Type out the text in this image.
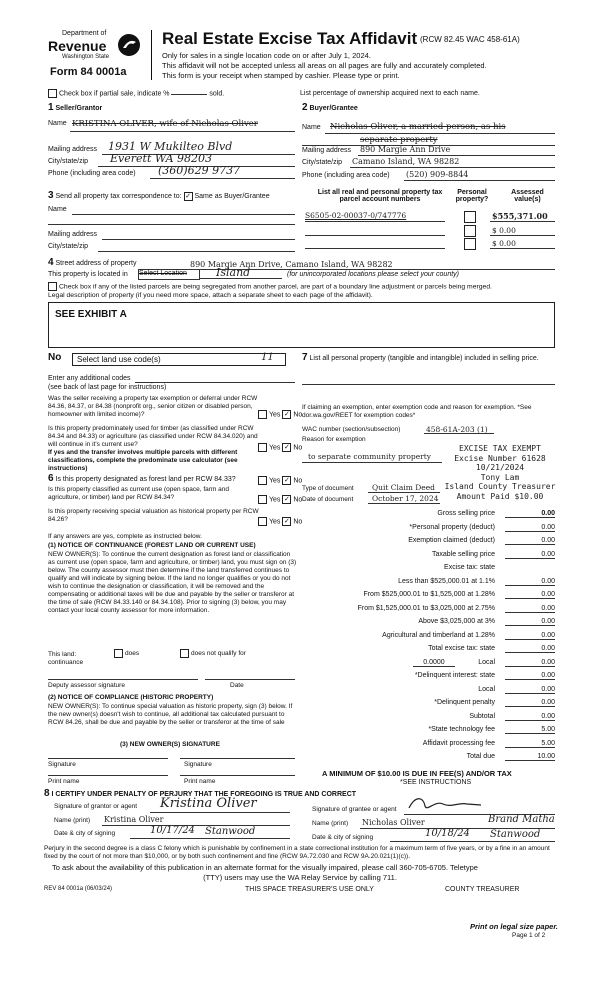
Department of
Revenue
Washington State
Form 84 0001a
Real Estate Excise Tax Affidavit (RCW 82.45 WAC 458-61A)
Only for sales in a single location code on or after July 1, 2024.
This affidavit will not be accepted unless all areas on all pages are fully and accurately completed.
This form is your receipt when stamped by cashier. Please type or print.
Check box if partial sale, indicate %	sold.	List percentage of ownership acquired next to each name.
1 Seller/Grantor
Name KRISTINA OLIVER, wife of Nicholas Oliver
Mailing address 1931 W Mukilteo Blvd
City/state/zip Everett WA 98203
Phone (including area code) (360)629 9737
2 Buyer/Grantee
Name Nicholas Oliver, a married person, as his
separate property
Mailing address 890 Margie Ann Drive
City/state/zip Camano Island, WA 98282
Phone (including area code) (520) 909-8844
3 Send all property tax correspondence to: ✓ Same as Buyer/Grantee
Name
Mailing address
City/state/zip
List all real and personal property tax parcel account numbers
Personal property?
Assessed value(s)
S6505-02-00037-0/747776	$555,371.00
$ 0.00
$ 0.00
4 Street address of property	890 Margie Ann Drive, Camano Island, WA 98282
This property is located in Select Location	Island	(for unincorporated locations please select your county)
Check box if any of the listed parcels are being segregated from another parcel, are part of a boundary line adjustment or parcels being merged.
Legal description of property (if you need more space, attach a separate sheet to each page of the affidavit).
SEE EXHIBIT A
No Select land use code(s)	11
Enter any additional codes
(see back of last page for instructions)
Was the seller receiving a property tax exemption or deferral under RCW 84.36, 84.37, or 84.38 (nonprofit org., senior citizen or disabled person, homeowner with limited income)?	Yes ✓ No
Is this property predominately used for timber (as classified under RCW 84.34 and 84.33) or agriculture (as classified under RCW 84.34.020) and will continue in it's current use?
If yes and the transfer involves multiple parcels with different classifications, complete the predominate use calculator (see instructions)
Yes ✓ No
6 Is this property designated as forest land per RCW 84.33?	Yes ✓ No
Is this property classified as current use (open space, farm and agriculture, or timber) land per RCW 84.34?	Yes ✓ No
Is this property receiving special valuation as historical property per RCW 84.26?	Yes ✓ No
If any answers are yes, complete as instructed below.
(1) NOTICE OF CONTINUANCE (FOREST LAND OR CURRENT USE)
NEW OWNER(S): To continue the current designation as forest land or classification as current use (open space, farm and agriculture, or timber) land, you must sign on (3) below. The county assessor must then determine if the land transferred continues to qualify and will indicate by signing below. If the land no longer qualifies or you do not wish to continue the designation or classification, it will be removed and the compensating or additional taxes will be due and payable by the seller or transferor at the time of sale (RCW 84.33.140 or 84.34.108). Prior to signing (3) below, you may contact your local county assessor for more information.
This land:	does	does not qualify for
continuance
Deputy assessor signature	Date
(2) NOTICE OF COMPLIANCE (HISTORIC PROPERTY)
NEW OWNER(S): To continue special valuation as historic property, sign (3) below. If the new owner(s) doesn't wish to continue, all additional tax calculated pursuant to RCW 84.26, shall be due and payable by the seller or transferor at the time of sale
(3) NEW OWNER(S) SIGNATURE
Signature	Signature
Print name	Print name
7 List all personal property (tangible and intangible) included in selling price.
If claiming an exemption, enter exemption code and reason for exemption. *See dor.wa.gov/REET for exemption codes*
WAC number (section/subsection)	458-61A-203 (1)
Reason for exemption
to separate community property
Type of document Quit Claim Deed
Date of document October 17, 2024
EXCISE TAX EXEMPT
Excise Number 61628
10/21/2024
Tony Lam
Island County Treasurer
Amount Paid $10.00
Gross selling price	0.00
*Personal property (deduct)	0.00
Exemption claimed (deduct)	0.00
Taxable selling price	0.00
Excise tax: state
Less than $525,000.01 at 1.1%	0.00
From $525,000.01 to $1,525,000 at 1.28%	0.00
From $1,525,000.01 to $3,025,000 at 2.75%	0.00
Above $3,025,000 at 3%	0.00
Agricultural and timberland at 1.28%	0.00
Total excise tax: state	0.00
Local	0.00
0.0000
*Delinquent interest: state	0.00
Local	0.00
*Delinquent penalty	0.00
Subtotal	0.00
*State technology fee	5.00
Affidavit processing fee	5.00
Total due	10.00
A MINIMUM OF $10.00 IS DUE IN FEE(S) AND/OR TAX
*SEE INSTRUCTIONS
8 I CERTIFY UNDER PENALTY OF PERJURY THAT THE FOREGOING IS TRUE AND CORRECT
Signature of grantor or agent Kristina Oliver
Name (print) Kristina Oliver
Date & city of signing	10/17/24 Stanwood
Signature of grantee or agent
Name (print) Nicholas Oliver	Brand Matha
Date & city of signing	10/18/24 Stanwood
Perjury in the second degree is a class C felony which is punishable by confinement in a state correctional institution for a maximum term of five years, or by a fine in an amount fixed by the court of not more than $10,000, or by both such confinement and fine (RCW 9A.72.030 and RCW 9A.20.021(1)(c)).
To ask about the availability of this publication in an alternate format for the visually impaired, please call 360-705-6705. Teletype
(TTY) users may use the WA Relay Service by calling 711.
REV 84 0001a (06/03/24)	THIS SPACE TREASURER'S USE ONLY	COUNTY TREASURER
Print on legal size paper.
Page 1 of 2
